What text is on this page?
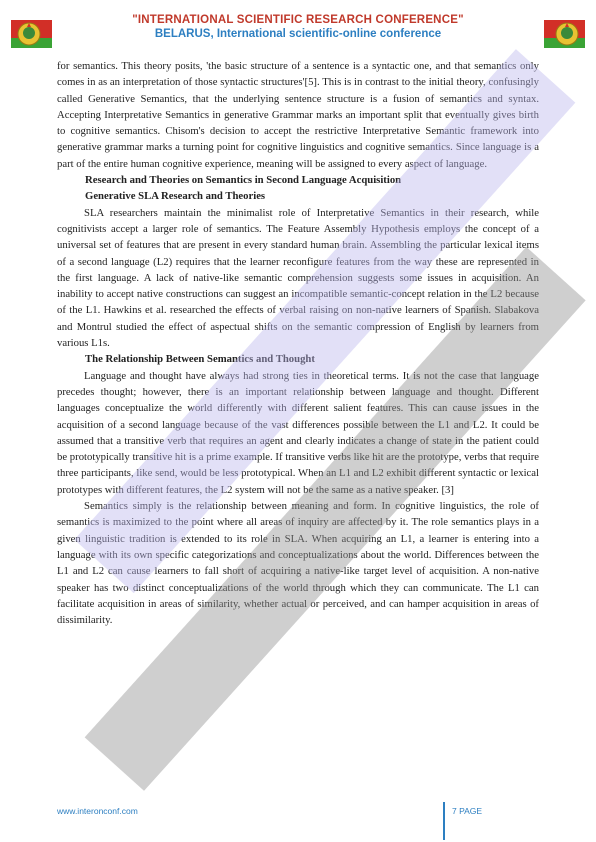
"INTERNATIONAL SCIENTIFIC RESEARCH CONFERENCE"
BELARUS, International scientific-online conference

for semantics. This theory posits, 'the basic structure of a sentence is a syntactic one, and that semantics only comes in as an interpretation of those syntactic structures'[5]. This is in contrast to the initial theory, confusingly called Generative Semantics, that the underlying sentence structure is a fusion of semantics and syntax. Accepting Interpretative Semantics in generative Grammar marks an important split that eventually gives birth to cognitive semantics. Chisom's decision to accept the restrictive Interpretative Semantic framework into generative grammar marks a turning point for cognitive linguistics and cognitive semantics. Since language is a part of the entire human cognitive experience, meaning will be assigned to every aspect of language.

Research and Theories on Semantics in Second Language Acquisition
Generative SLA Research and Theories

SLA researchers maintain the minimalist role of Interpretative Semantics in their research, while cognitivists accept a larger role of semantics. The Feature Assembly Hypothesis employs the concept of a universal set of features that are present in every standard human brain. Assembling the particular lexical items of a second language (L2) requires that the learner reconfigure features from the way these are represented in the first language. A lack of native-like semantic comprehension suggests some issues in acquisition. An inability to accept native constructions can suggest an incompatible semantic-concept relation in the L2 because of the L1. Hawkins et al. researched the effects of verbal raising on non-native learners of Spanish. Slabakova and Montrul studied the effect of aspectual shifts on the semantic compression of English by learners from various L1s.

The Relationship Between Semantics and Thought

Language and thought have always had strong ties in theoretical terms. It is not the case that language precedes thought; however, there is an important relationship between language and thought. Different languages conceptualize the world differently with different salient features. This can cause issues in the acquisition of a second language because of the vast differences possible between the L1 and L2. It could be assumed that a transitive verb that requires an agent and clearly indicates a change of state in the patient could be prototypically transitive hit is a prime example. If transitive verbs like hit are the prototype, verbs that require three participants, like send, would be less prototypical. When an L1 and L2 exhibit different syntactic or lexical prototypes with different features, the L2 system will not be the same as a native speaker. [3]

Semantics simply is the relationship between meaning and form. In cognitive linguistics, the role of semantics is maximized to the point where all areas of inquiry are affected by it. The role semantics plays in a given linguistic tradition is extended to its role in SLA. When acquiring an L1, a learner is entering into a language with its own specific categorizations and conceptualizations about the world. Differences between the L1 and L2 can cause learners to fall short of acquiring a native-like target level of acquisition. A non-native speaker has two distinct conceptualizations of the world through which they can communicate. The L1 can facilitate acquisition in areas of similarity, whether actual or perceived, and can hamper acquisition in areas of dissimilarity.

www.interonconf.com	7 PAGE
